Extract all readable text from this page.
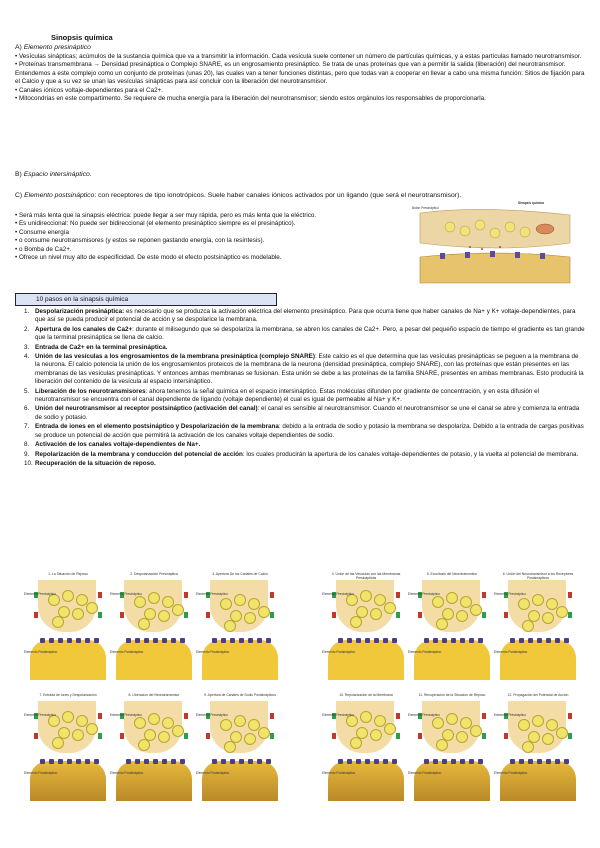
Sinopsis química
A) Elemento presináptico
• Vesículas sinápticas; acúmulos de la sustancia química que va a transmitir la información. Cada vesícula suele contener un número de partículas químicas, y a estas partículas llamado neurotransmisor.
• Proteínas transmembrana → Densidad presináptica o Complejo SNARE, es un engrosamiento presináptico. Se trata de unas proteínas que van a permitir la salida (liberación) del neurotransmisor. Entendemos a este complejo como un conjunto de proteínas (unas 20), las cuales van a tener funciones distintas, pero que todas van a cooperar en llevar a cabo una misma función: Sitios de fijación para el Calcio y que a su vez se unan las vesículas sinápticas para así concluir con la liberación del neurotransmisor.
• Canales iónicos voltaje-dependientes para el Ca2+.
• Mitocondrias en este compartimento. Se requiere de mucha energía para la liberación del neurotransmisor; siendo estos orgánulos los responsables de proporcionarla.
B) Espacio intersináptico.
C) Elemento postsináptico: con receptores de tipo ionotrópicos. Suele haber canales iónicos activados por un ligando (que será el neurotransmisor).
• Será más lenta que la sinapsis eléctrica: puede llegar a ser muy rápida, pero es más lenta que la eléctrico.
• Es unidireccional: No puede ser bidireccional (el elemento presináptico siempre es el presináptico).
• Consume energía
• o consume neurotransmisores (y estos se reponen gastando energía, con la resíntesis).
• o Bomba de Ca2+.
• Ofrece un nivel muy alto de especificidad. De este modo el efecto postsináptico es modelable.
Botón Presináptico
Sinapsis química
10 pasos en la sinapsis química
1. Despolarización presináptica: es necesario que se produzca la activación eléctrica del elemento presináptico. Para que ocurra tiene que haber canales de Na+ y K+ voltaje-dependientes, para que así se pueda producir el potencial de acción y se despolarice la membrana.
2. Apertura de los canales de Ca2+: durante el milisegundo que se despolariza la membrana, se abren los canales de Ca2+. Pero, a pesar del pequeño espacio de tiempo el gradiente es tan grande que la terminal presináptica se llena de calcio.
3. Entrada de Ca2+ en la terminal presináptica.
4. Unión de las vesículas a los engrosamientos de la membrana presináptica (complejo SNARE): Este calcio es el que determina que las vesículas presinápticas se peguen a la membrana de la neurona. El calcio potencia la unión de los engrosamientos proteicos de la membrana de la neurona (densidad presináptica, complejo SNARE), con las proteínas que están presentes en las membranas de las vesículas presinápticas. Y entonces ambas membranas se fusionan. Esta unión se debe a las proteínas de la familia SNARE, presentes en ambas membranas. Esto producirá la liberación del contenido de la vesícula al espacio intersináptico.
5. Liberación de los neurotransmisores: ahora tenemos la señal química en el espacio intersináptico. Estas moléculas difunden por gradiente de concentración, y en esta difusión el neurotransmisor se encuentra con el canal dependiente de ligando (voltaje dependiente) el cual es igual de permeable al Na+ y K+.
6. Unión del neurotransmisor al receptor postsináptico (activación del canal): el canal es sensible al neurotransmisor. Cuando el neurotransmisor se une el canal se abre y comienza la entrada de sodio y potasio.
7. Entrada de iones en el elemento postsináptico y Despolarización de la membrana: debido a la entrada de sodio y potasio la membrana se despolariza. Debido a la entrada de cargas positivas se produce un potencial de acción que permitirá la activación de los canales voltaje dependientes de sodio.
8. Activación de los canales voltaje-dependientes de Na+.
9. Repolarización de la membrana y conducción del potencial de acción: los cuales producirán la apertura de los canales voltaje-dependientes de potasio, y la vuelta al potencial de membrana.
10. Recuperación de la situación de reposo.
1. La Situación de Reposo
Elemento Presináptico
Elemento Postsináptico
2. Despolarización Presináptica
Elemento Presináptico
Elemento Postsináptico
3. Apertura De los Canales de Calcio
Elemento Presináptico
Elemento Postsináptico
4. Unión de las Vesículas con las Membranas Presinápticas
Elemento Presináptico
Elemento Postsináptico
5. Exocitosis del Neurotransmisor
Elemento Presináptico
Elemento Postsináptico
6. Unión del Neurotransmisor a los Receptores Postsinápticos
Elemento Presináptico
Elemento Postsináptico
7. Entrada de Iones y Despolarización
Elemento Presináptico
Elemento Postsináptico
8. Liberación del Neurotransmisor
Elemento Presináptico
Elemento Postsináptico
9. Apertura de Canales de Sodio Postsinápticos
Elemento Presináptico
Elemento Postsináptico
10. Repolarización de la Membrana
Elemento Presináptico
Elemento Postsináptico
11. Recuperación de la Situación de Reposo
Elemento Presináptico
Elemento Postsináptico
12. Propagación del Potencial de Acción
Elemento Presináptico
Elemento Postsináptico
